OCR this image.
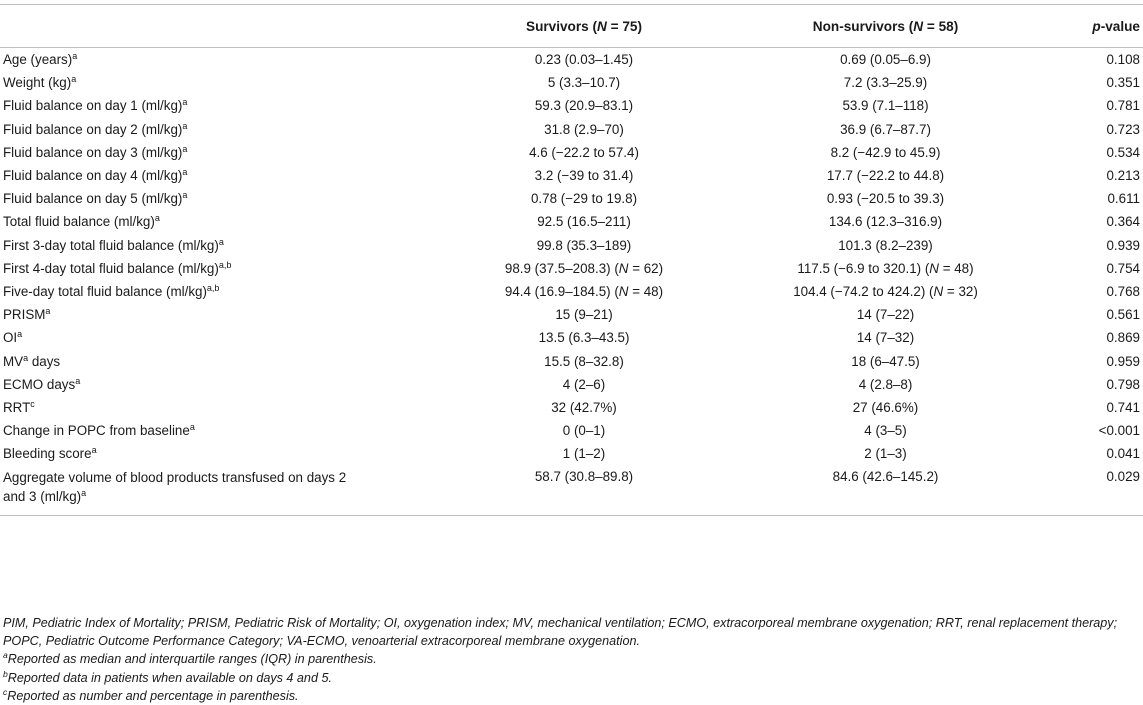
	Survivors (N = 75)	Non-survivors (N = 58)	p-value
Age (years)$^a$	0.23 (0.03–1.45)	0.69 (0.05–6.9)	0.108
Weight (kg)$^a$	5 (3.3–10.7)	7.2 (3.3–25.9)	0.351
Fluid balance on day 1 $(ml/kg)^a$	59.3 (20.9–83.1)	53.9 (7.1–118)	0.781
Fluid balance on day 2 $(ml/kg)^a$	31.8 (2.9–70)	36.9 (6.7–87.7)	0.723
Fluid balance on day 3 $(ml/kg)^a$	4.6 (−22.2 to 57.4)	8.2 (−42.9 to 45.9)	0.534
Fluid balance on day 4 $(ml/kg)^a$	3.2 (−39 to 31.4)	17.7 (−22.2 to 44.8)	0.213
Fluid balance on day 5 $(ml/kg)^a$	0.78 (−29 to 19.8)	0.93 (−20.5 to 39.3)	0.611
Total fluid balance $(ml/kg)^a$	92.5 (16.5–211)	134.6 (12.3–316.9)	0.364
First 3-day total fluid balance $(ml/kg)^a$	99.8 (35.3–189)	101.3 (8.2–239)	0.939
First 4-day total fluid balance $(ml/kg)^{a,b}$	98.9 (37.5–208.3) (N = 62)	117.5 (−6.9 to 320.1) (N = 48)	0.754
Five-day total fluid balance $(ml/kg)^{a,b}$	94.4 (16.9–184.5) (N = 48)	104.4 (−74.2 to 424.2) (N = 32)	0.768
PRISM$^a$	15 (9–21)	14 (7–22)	0.561
$OI^a$	13.5 (6.3–43.5)	14 (7–32)	0.869
$MV^a$ days	15.5 (8–32.8)	18 (6–47.5)	0.959
ECMO days$^a$	4 (2–6)	4 (2.8–8)	0.798
RRT$^c$	32 (42.7%)	27 (46.6%)	0.741
Change in POPC from baseline$^a$	0 (0–1)	4 (3–5)	<0.001
Bleeding score$^a$	1 (1–2)	2 (1–3)	0.041
Aggregate volume of blood products transfused on days 2
and 3 $(ml/kg)^a$	58.7 (30.8–89.8)	84.6 (42.6–145.2)	0.029

PIM, Pediatric Index of Mortality; PRISM, Pediatric Risk of Mortality; OI, oxygenation index; MV, mechanical ventilation; ECMO, extracorporeal membrane oxygenation; RRT, renal replacement therapy; POPC, Pediatric Outcome Performance Category; VA-ECMO, venoarterial extracorporeal membrane oxygenation.

$^a$Reported as median and interquartile ranges (IQR) in parenthesis.

$^b$Reported data in patients when available on days 4 and 5.

$^c$Reported as number and percentage in parenthesis.
